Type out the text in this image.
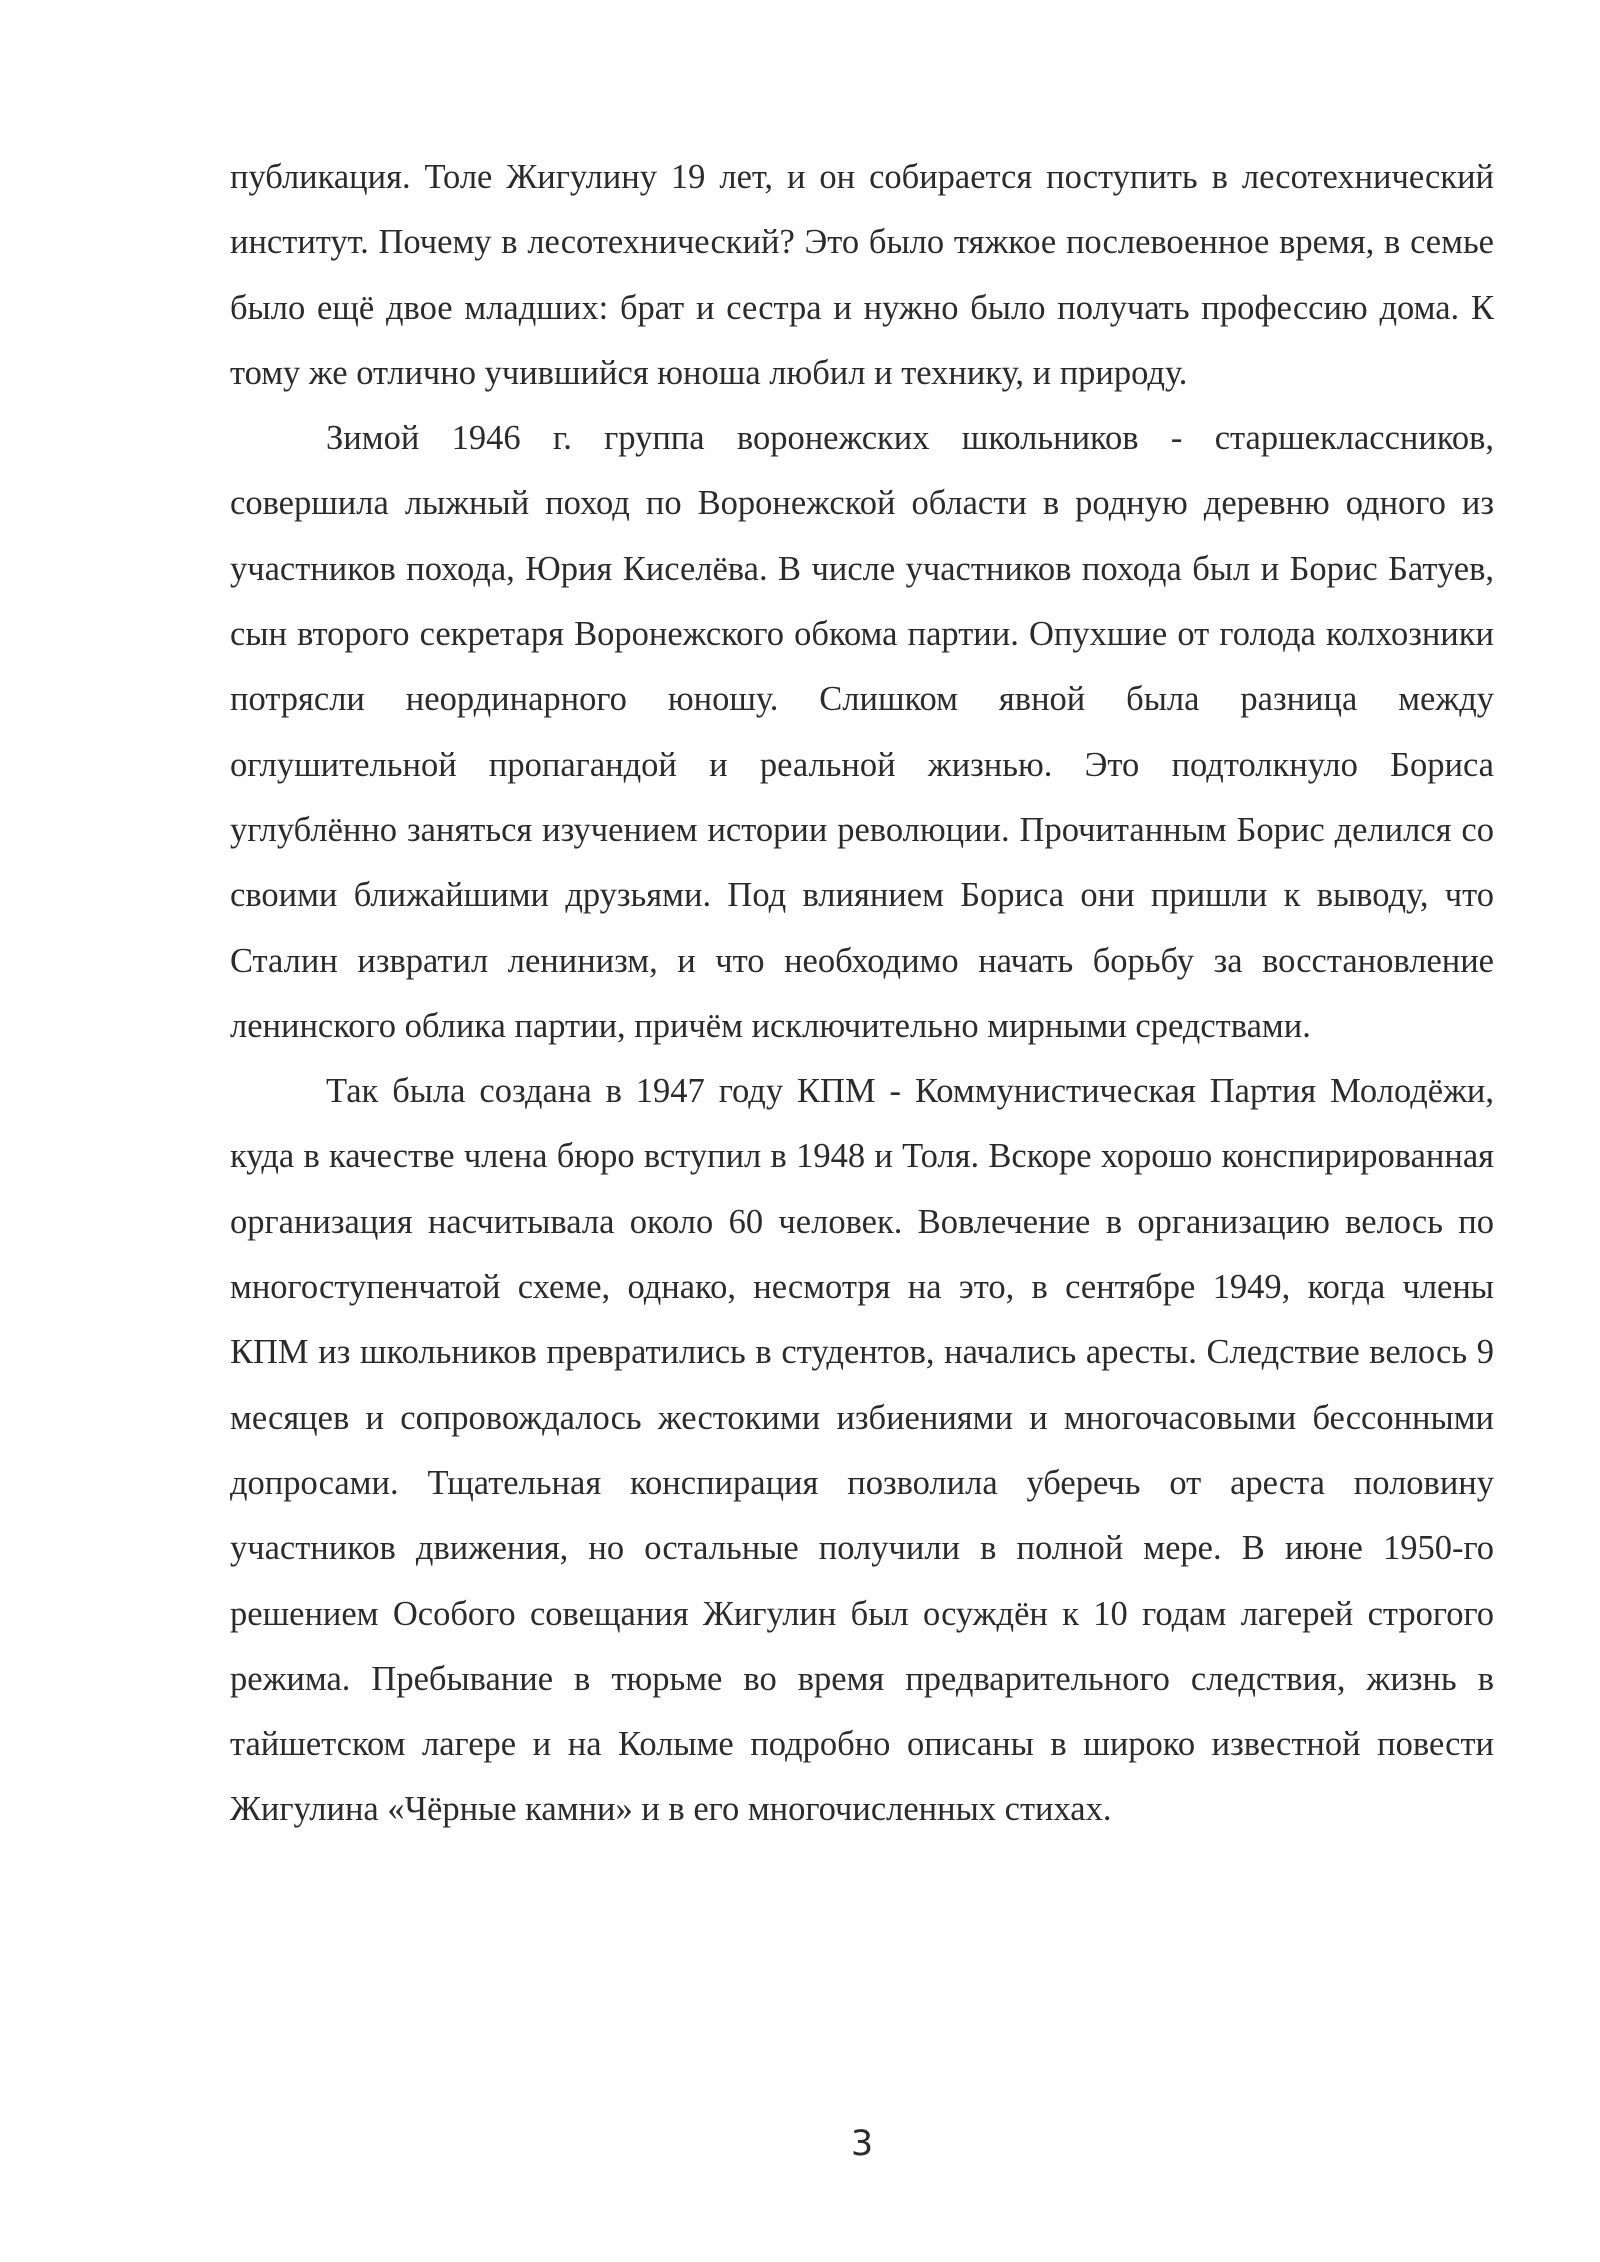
публикация. Толе Жигулину 19 лет, и он собирается поступить в лесотехнический институт. Почему в лесотехнический? Это было тяжкое послевоенное время, в семье было ещё двое младших: брат и сестра и нужно было получать профессию дома. К тому же отлично учившийся юноша любил и технику, и природу.

Зимой 1946 г. группа воронежских школьников - старшеклассников, совершила лыжный поход по Воронежской области в родную деревню одного из участников похода, Юрия Киселёва. В числе участников похода был и Борис Батуев, сын второго секретаря Воронежского обкома партии. Опухшие от голода колхозники потрясли неординарного юношу. Слишком явной была разница между оглушительной пропагандой и реальной жизнью. Это подтолкнуло Бориса углублённо заняться изучением истории революции. Прочитанным Борис делился со своими ближайшими друзьями. Под влиянием Бориса они пришли к выводу, что Сталин извратил ленинизм, и что необходимо начать борьбу за восстановление ленинского облика партии, причём исключительно мирными средствами.

Так была создана в 1947 году КПМ - Коммунистическая Партия Молодёжи, куда в качестве члена бюро вступил в 1948 и Толя. Вскоре хорошо конспирированная организация насчитывала около 60 человек. Вовлечение в организацию велось по многоступенчатой схеме, однако, несмотря на это, в сентябре 1949, когда члены КПМ из школьников превратились в студентов, начались аресты. Следствие велось 9 месяцев и сопровождалось жестокими избиениями и многочасовыми бессонными допросами. Тщательная конспирация позволила уберечь от ареста половину участников движения, но остальные получили в полной мере. В июне 1950-го решением Особого совещания Жигулин был осуждён к 10 годам лагерей строгого режима. Пребывание в тюрьме во время предварительного следствия, жизнь в тайшетском лагере и на Колыме подробно описаны в широко известной повести Жигулина «Чёрные камни» и в его многочисленных стихах.

3
